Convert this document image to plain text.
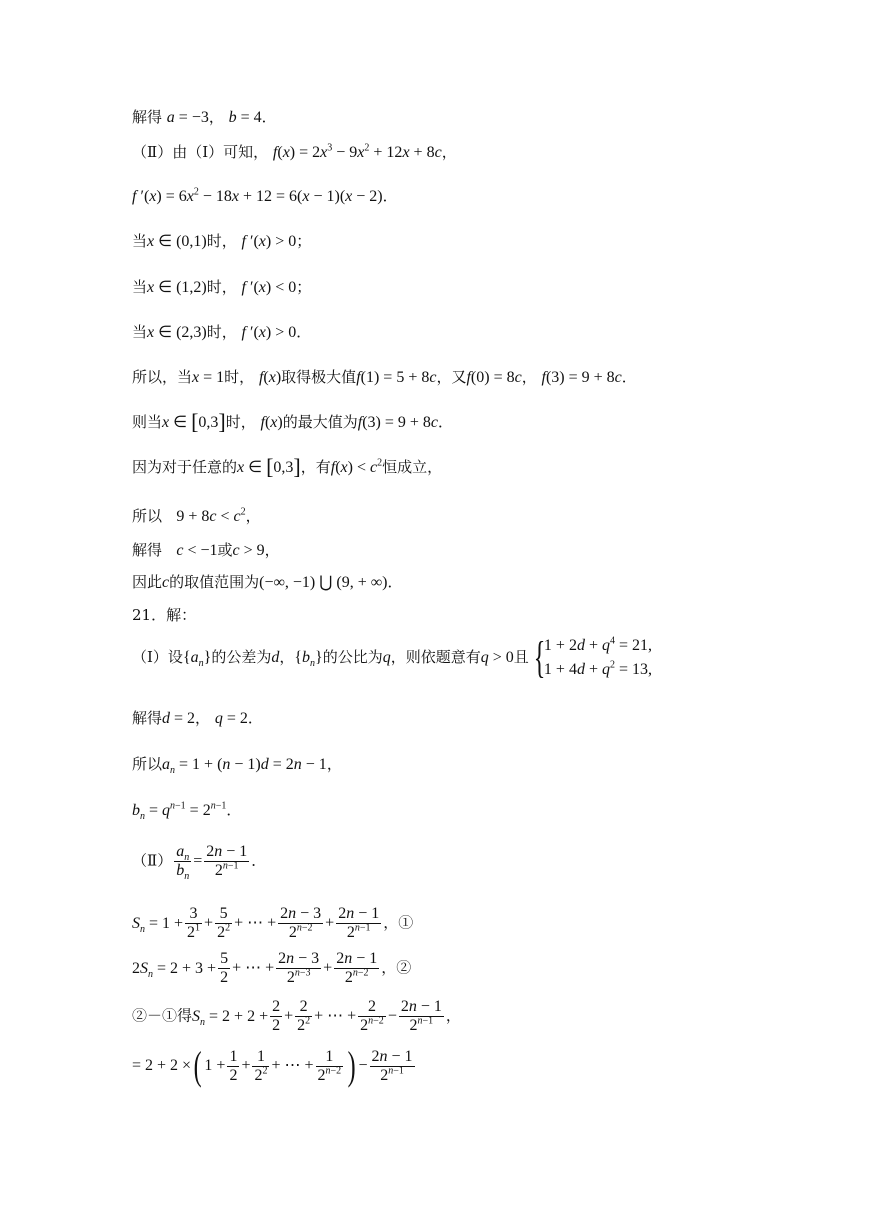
解得 a = −3， b = 4．
（Ⅱ）由（Ⅰ）可知， $f(x) = 2x^3 - 9x^2 + 12x + 8c$，
f $'(x) = 6x^2 - 18x + 12 = 6(x - 1)(x - 2)$．
当x ∈ (0,1)时， f ′(x) > 0；
当x ∈ (1,2)时， f ′(x) < 0；
当x ∈ (2,3)时， f ′(x) > 0．
所以，当x = 1时， f(x)取得极大值f(1) = 5 + 8c，又f(0) = 8c， f(3) = 9 + 8c．
则当x ∈ [0,3]时， f(x)的最大值为f(3) = 9 + 8c．
因为对于任意的x ∈ [0,3]，有$f(x) < c^2$恒成立，
所以 $9 + 8c < c^2$，
解得 c < −1或c > 9，
因此c的取值范围为(−∞, −1) ⋃ (9, + ∞)．
21．解：
（Ⅰ）设$\{a_n\}$的公差为d，$\{b_n\}$的公比为q，则依题意有q > 0且 {
$1 + 2d + q^4 = 21$,
$1 + 4d + q^2 = 13$,
解得d = 2， q = 2．
所以$a_n = 1 + (n - 1)d = 2n - 1$，
$b_n = q^{n-1} = 2^{n-1}$．
（Ⅱ） $\frac{a_n}{b_n} = \frac{2n - 1}{2^{n-1}}$ ．
$S_n = 1 + \frac{3}{2^1} + \frac{5}{2^2}$ + ⋯ + $\frac{2n - 3}{2^{n-2}} + \frac{2n - 1}{2^{n-1}}$ ，①
$2S_n = 2 + 3 + \frac{5}{2}$ + ⋯ + $\frac{2n - 3}{2^{n-3}} + \frac{2n - 1}{2^{n-2}}$ ，②
②－①得$S_n = 2 + 2 + \frac{2}{2} + \frac{2}{2^2}$ + ⋯ + $\frac{2}{2^{n-2}} - \frac{2n - 1}{2^{n-1}}$ ，
= 2 + 2 ×( $1 + \frac{1}{2} + \frac{1}{2^2}$ + ⋯ + $\frac{1}{2^{n-2}}$ ) − $\frac{2n - 1}{2^{n-1}}$
